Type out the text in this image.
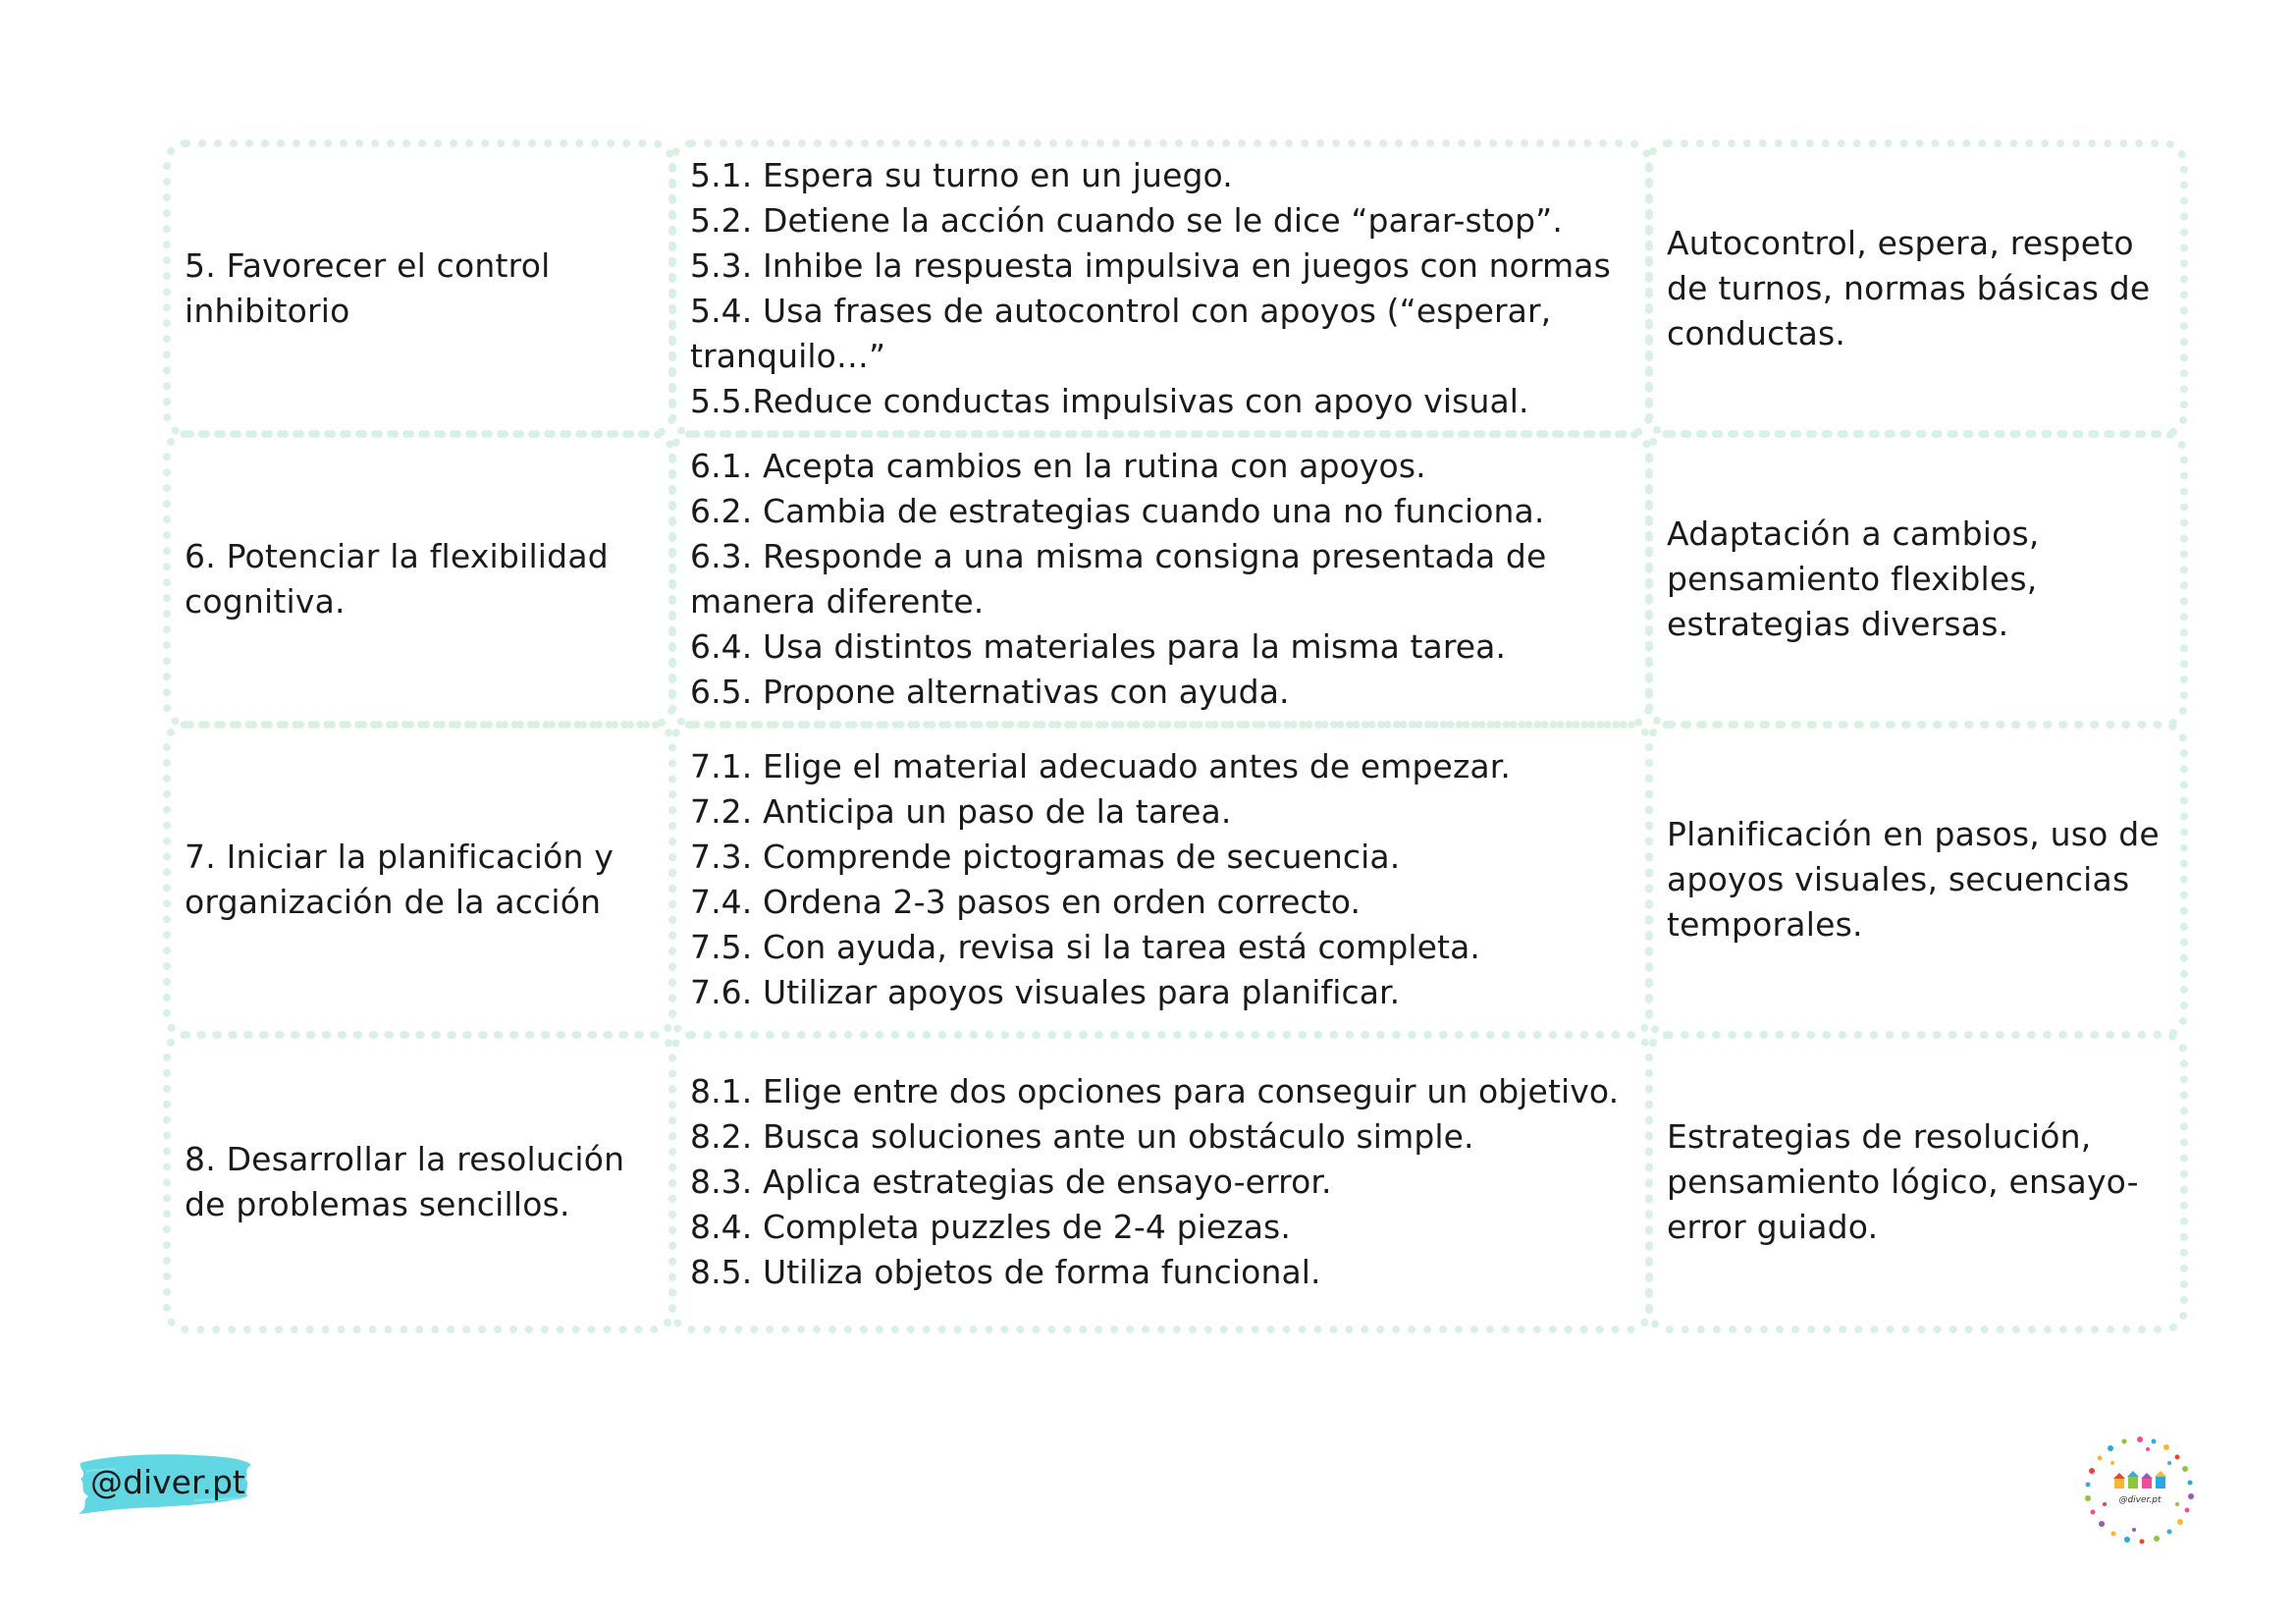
5. Favorecer el control inhibitorio
5.1. Espera su turno en un juego.
5.2. Detiene la acción cuando se le dice “parar-stop”.
5.3. Inhibe la respuesta impulsiva en juegos con normas
5.4. Usa frases de autocontrol con apoyos (“esperar, tranquilo…”
5.5.Reduce conductas impulsivas con apoyo visual.
Autocontrol, espera, respeto de turnos, normas básicas de conductas.
6. Potenciar la flexibilidad cognitiva.
6.1. Acepta cambios en la rutina con apoyos.
6.2. Cambia de estrategias cuando una no funciona.
6.3. Responde a una misma consigna presentada de manera diferente.
6.4. Usa distintos materiales para la misma tarea.
6.5. Propone alternativas con ayuda.
Adaptación a cambios, pensamiento flexibles, estrategias diversas.
7. Iniciar la planificación y organización de la acción
7.1. Elige el material adecuado antes de empezar.
7.2. Anticipa un paso de la tarea.
7.3. Comprende pictogramas de secuencia.
7.4. Ordena 2-3 pasos en orden correcto.
7.5. Con ayuda, revisa si la tarea está completa.
7.6. Utilizar apoyos visuales para planificar.
Planificación en pasos, uso de apoyos visuales, secuencias temporales.
8. Desarrollar la resolución de problemas sencillos.
8.1. Elige entre dos opciones para conseguir un objetivo.
8.2. Busca soluciones ante un obstáculo simple.
8.3. Aplica estrategias de ensayo-error.
8.4. Completa puzzles de 2-4 piezas.
8.5. Utiliza objetos de forma funcional.
Estrategias de resolución, pensamiento lógico, ensayo-error guiado.
@diver.pt	@diver.pt
